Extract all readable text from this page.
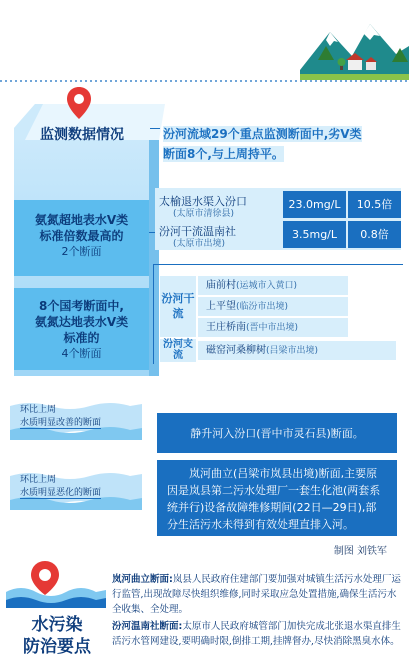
监测数据情况
氨氮超地表水Ⅴ类
标准倍数最高的
2个断面
8个国考断面中,
氨氮达地表水Ⅴ类
标准的
4个断面
汾河流域29个重点监测断面中,劣Ⅴ类
断面8个,与上周持平。
太榆退水渠入汾口
(太原市清徐县)
23.0mg/L	10.5倍
汾河干流温南社
(太原市出境)
3.5mg/L	0.8倍
汾河干流
汾河支流
庙前村(运城市入黄口)
上平望(临汾市出境)
王庄桥南(晋中市出境)
磁窑河桑柳树(吕梁市出境)
环比上周
水质明显改善的断面
静升河入汾口(晋中市灵石县)断面。
环比上周
水质明显恶化的断面
岚河曲立(吕梁市岚县出境)断面,主要原因是岚县第二污水处理厂一套生化池(两套系统并行)设备故障维修期间(22日—29日),部分生活污水未得到有效处理直排入河。
制图 刘铁军
水污染
防治要点

岚河曲立断面:岚县人民政府住建部门要加强对城镇生活污水处理厂运行监管,出现故障尽快组织维修,同时采取应急处置措施,确保生活污水全收集、全处理。

汾河温南社断面:太原市人民政府城管部门加快完成北张退水渠直排生活污水管网建设,要明确时限,倒排工期,挂牌督办,尽快消除黑臭水体。
